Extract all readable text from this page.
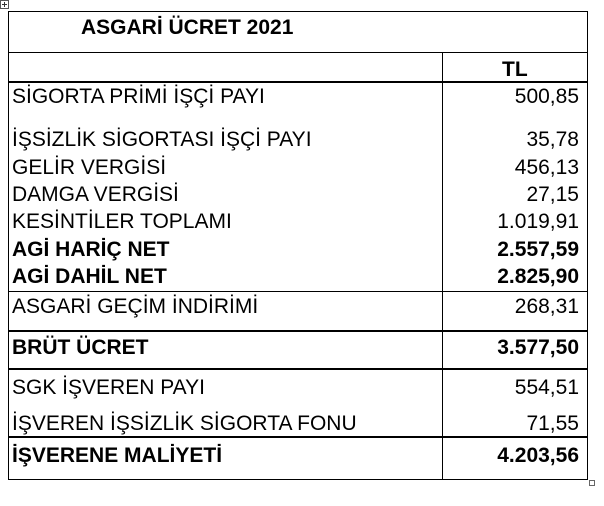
ASGARİ ÜCRET 2021
TL
SİGORTA PRİMİ İŞÇİ PAYI	500,85
İŞSİZLİK SİGORTASI İŞÇİ PAYI	35,78
GELİR VERGİSİ	456,13
DAMGA VERGİSİ	27,15
KESİNTİLER TOPLAMI	1.019,91
AGİ HARİÇ NET	2.557,59
AGİ DAHİL NET	2.825,90
ASGARİ GEÇİM İNDİRİMİ	268,31
BRÜT ÜCRET	3.577,50
SGK İŞVEREN PAYI	554,51
İŞVEREN İŞSİZLİK SİGORTA FONU	71,55
İŞVERENE MALİYETİ	4.203,56
